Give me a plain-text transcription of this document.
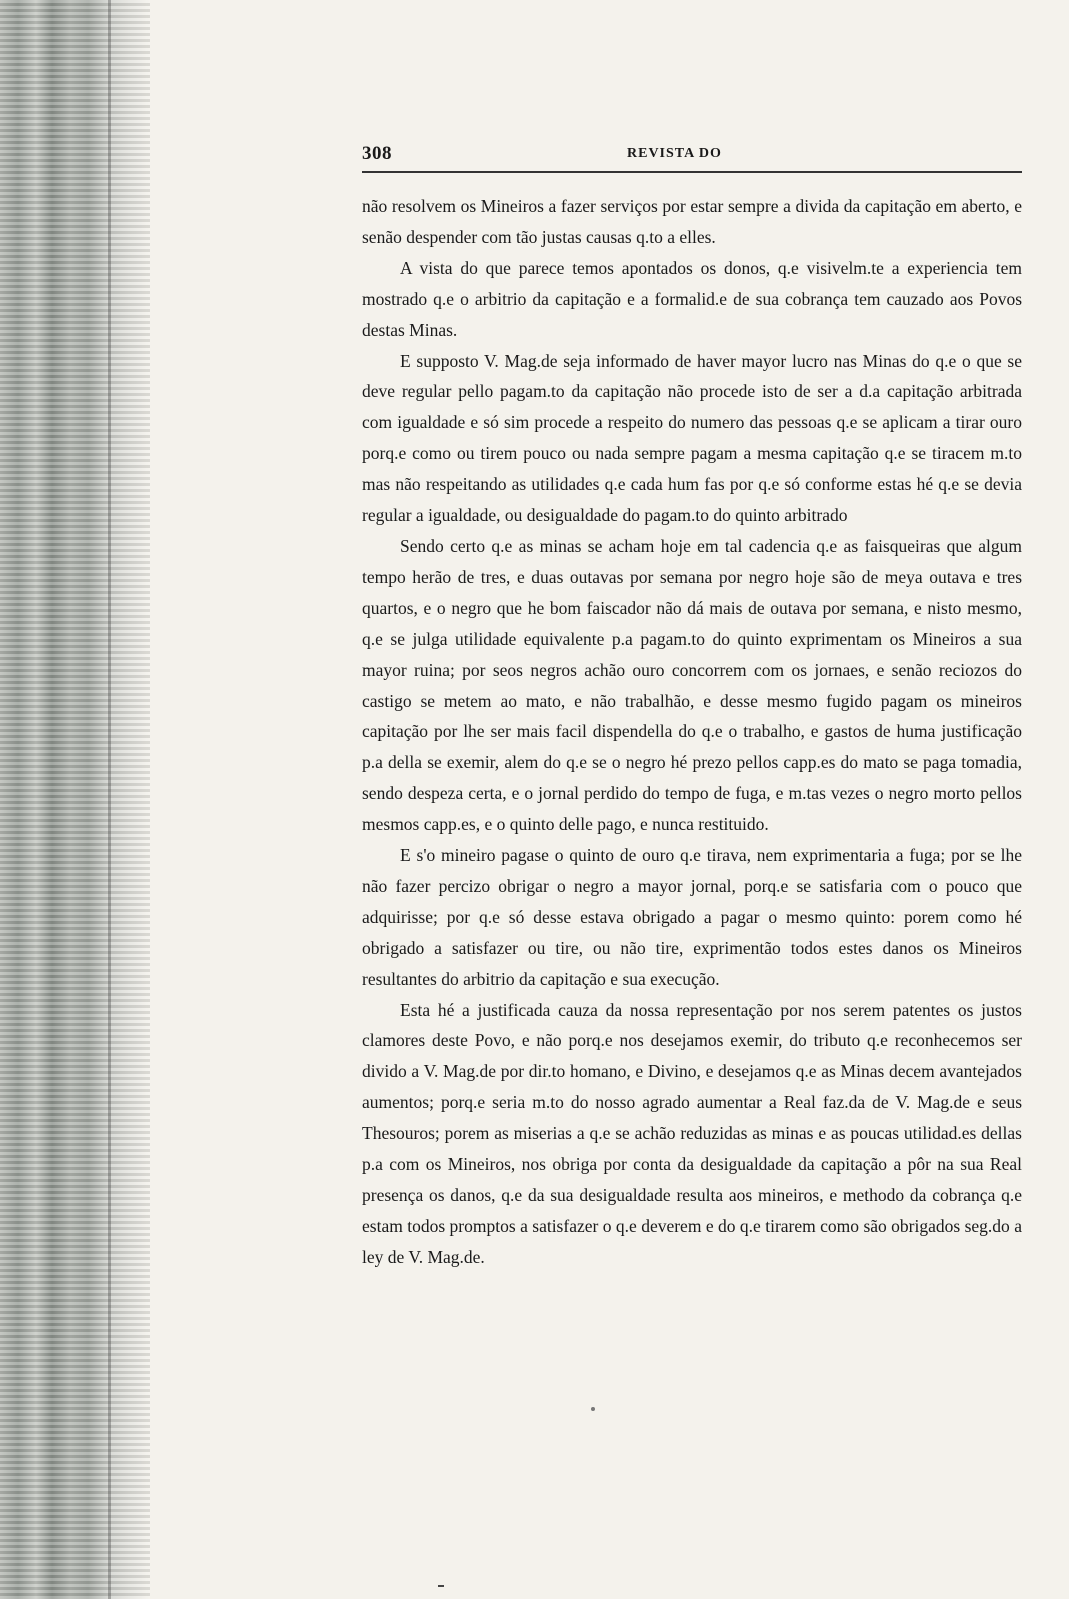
308	REVISTA DO

não resolvem os Mineiros a fazer serviços por estar sempre a divida da capitação em aberto, e senão despender com tão justas causas q.to a elles.

A vista do que parece temos apontados os donos, q.e visivelm.te a experiencia tem mostrado q.e o arbitrio da capitação e a formalid.e de sua cobrança tem cauzado aos Povos destas Minas.

E supposto V. Mag.de seja informado de haver mayor lucro nas Minas do q.e o que se deve regular pello pagam.to da capitação não procede isto de ser a d.a capitação arbitrada com igualdade e só sim procede a respeito do numero das pessoas q.e se aplicam a tirar ouro porq.e como ou tirem pouco ou nada sempre pagam a mesma capitação q.e se tiracem m.to mas não respeitando as utilidades q.e cada hum fas por q.e só conforme estas hé q.e se devia regular a igualdade, ou desigualdade do pagam.to do quinto arbitrado

Sendo certo q.e as minas se acham hoje em tal cadencia q.e as faisqueiras que algum tempo herão de tres, e duas outavas por semana por negro hoje são de meya outava e tres quartos, e o negro que he bom faiscador não dá mais de outava por semana, e nisto mesmo, q.e se julga utilidade equivalente p.a pagam.to do quinto exprimentam os Mineiros a sua mayor ruina; por seos negros achão ouro concorrem com os jornaes, e senão reciozos do castigo se metem ao mato, e não trabalhão, e desse mesmo fugido pagam os mineiros capitação por lhe ser mais facil dispendella do q.e o trabalho, e gastos de huma justificação p.a della se exemir, alem do q.e se o negro hé prezo pellos capp.es do mato se paga tomadia, sendo despeza certa, e o jornal perdido do tempo de fuga, e m.tas vezes o negro morto pellos mesmos capp.es, e o quinto delle pago, e nunca restituido.

E s'o mineiro pagase o quinto de ouro q.e tirava, nem exprimentaria a fuga; por se lhe não fazer percizo obrigar o negro a mayor jornal, porq.e se satisfaria com o pouco que adquirisse; por q.e só desse estava obrigado a pagar o mesmo quinto: porem como hé obrigado a satisfazer ou tire, ou não tire, exprimentão todos estes danos os Mineiros resultantes do arbitrio da capitação e sua execução.

Esta hé a justificada cauza da nossa representação por nos serem patentes os justos clamores deste Povo, e não porq.e nos desejamos exemir, do tributo q.e reconhecemos ser divido a V. Mag.de por dir.to homano, e Divino, e desejamos q.e as Minas decem avantejados aumentos; porq.e seria m.to do nosso agrado aumentar a Real faz.da de V. Mag.de e seus Thesouros; porem as miserias a q.e se achão reduzidas as minas e as poucas utilidad.es dellas p.a com os Mineiros, nos obriga por conta da desigualdade da capitação a pôr na sua Real presença os danos, q.e da sua desigualdade resulta aos mineiros, e methodo da cobrança q.e estam todos promptos a satisfazer o q.e deverem e do q.e tirarem como são obrigados seg.do a ley de V. Mag.de.
